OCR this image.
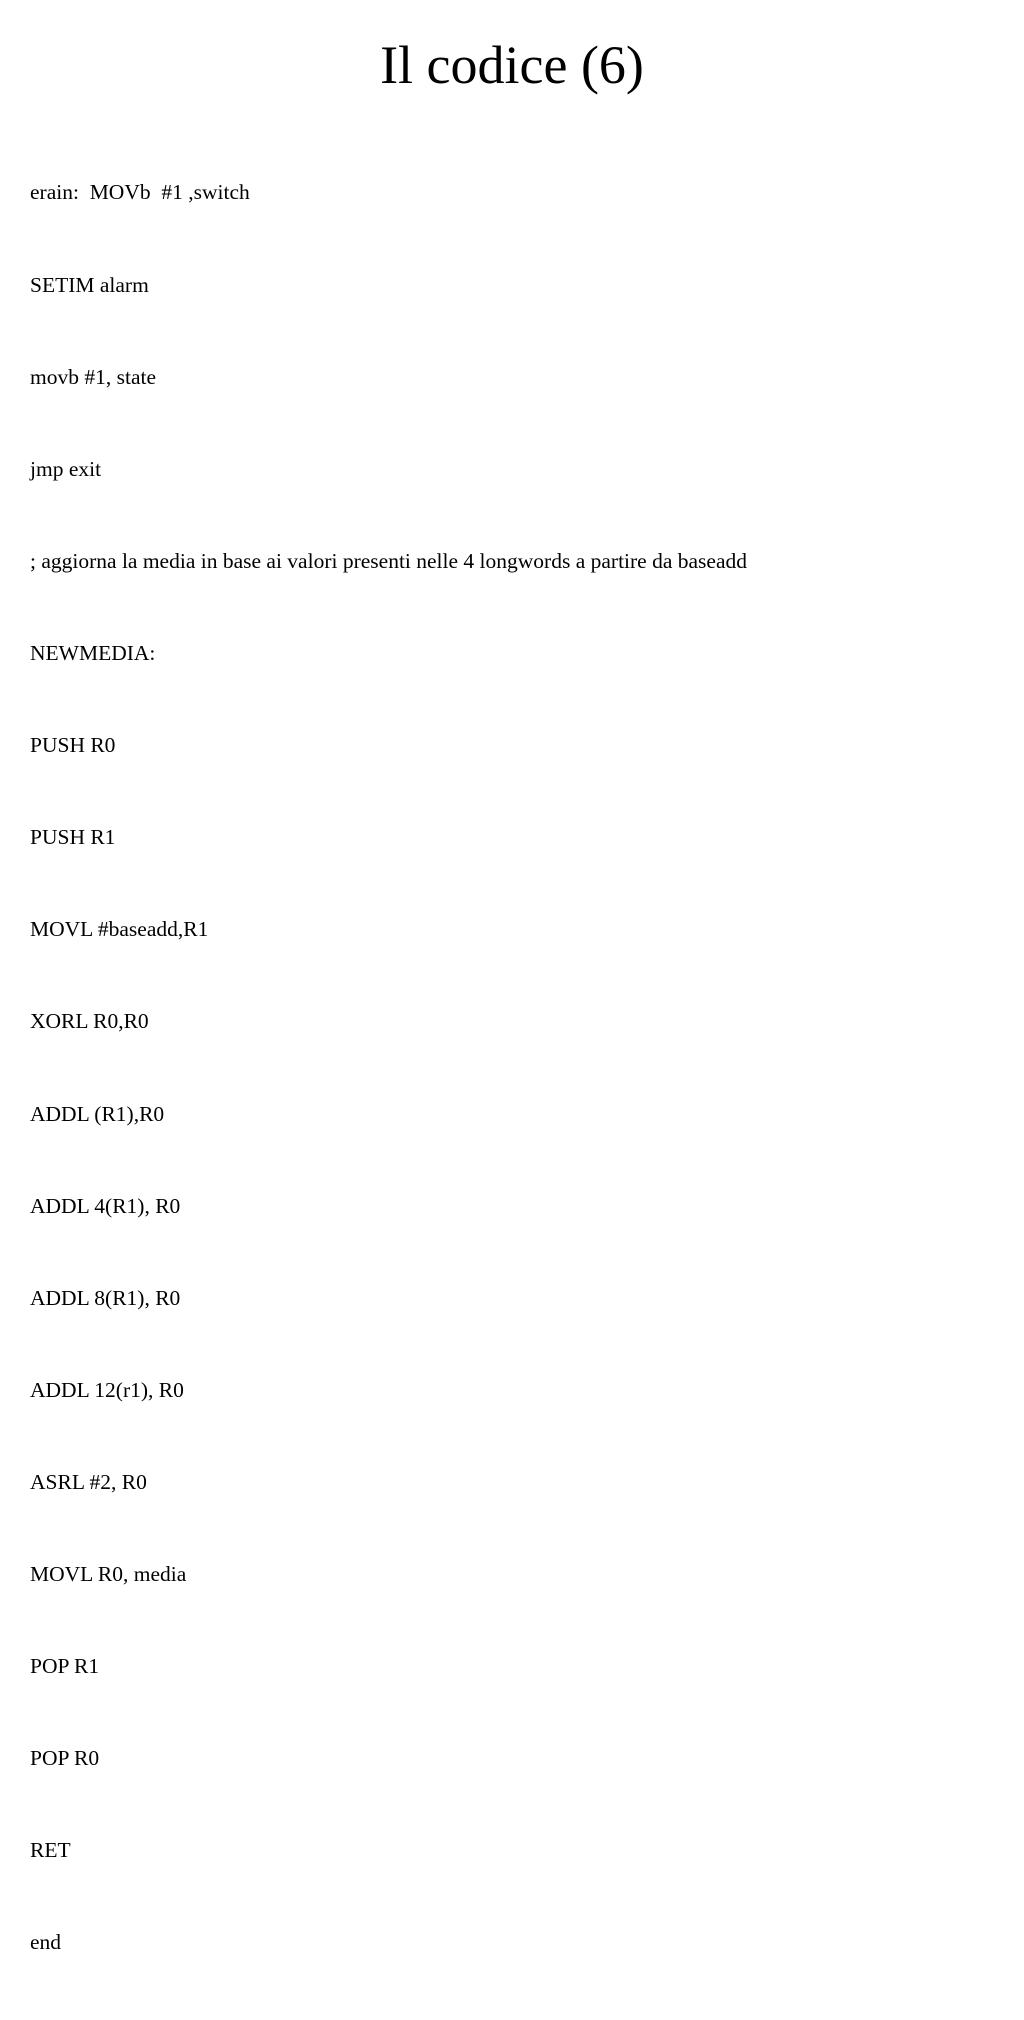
Il codice (6)

erain:  MOVb  #1 ,switch

SETIM alarm

movb #1, state

jmp exit

; aggiorna la media in base ai valori presenti nelle 4 longwords a partire da baseadd

NEWMEDIA:

PUSH R0

PUSH R1

MOVL #baseadd,R1

XORL R0,R0

ADDL (R1),R0

ADDL 4(R1), R0

ADDL 8(R1), R0

ADDL 12(r1), R0

ASRL #2, R0

MOVL R0, media

POP R1

POP R0

RET

end
